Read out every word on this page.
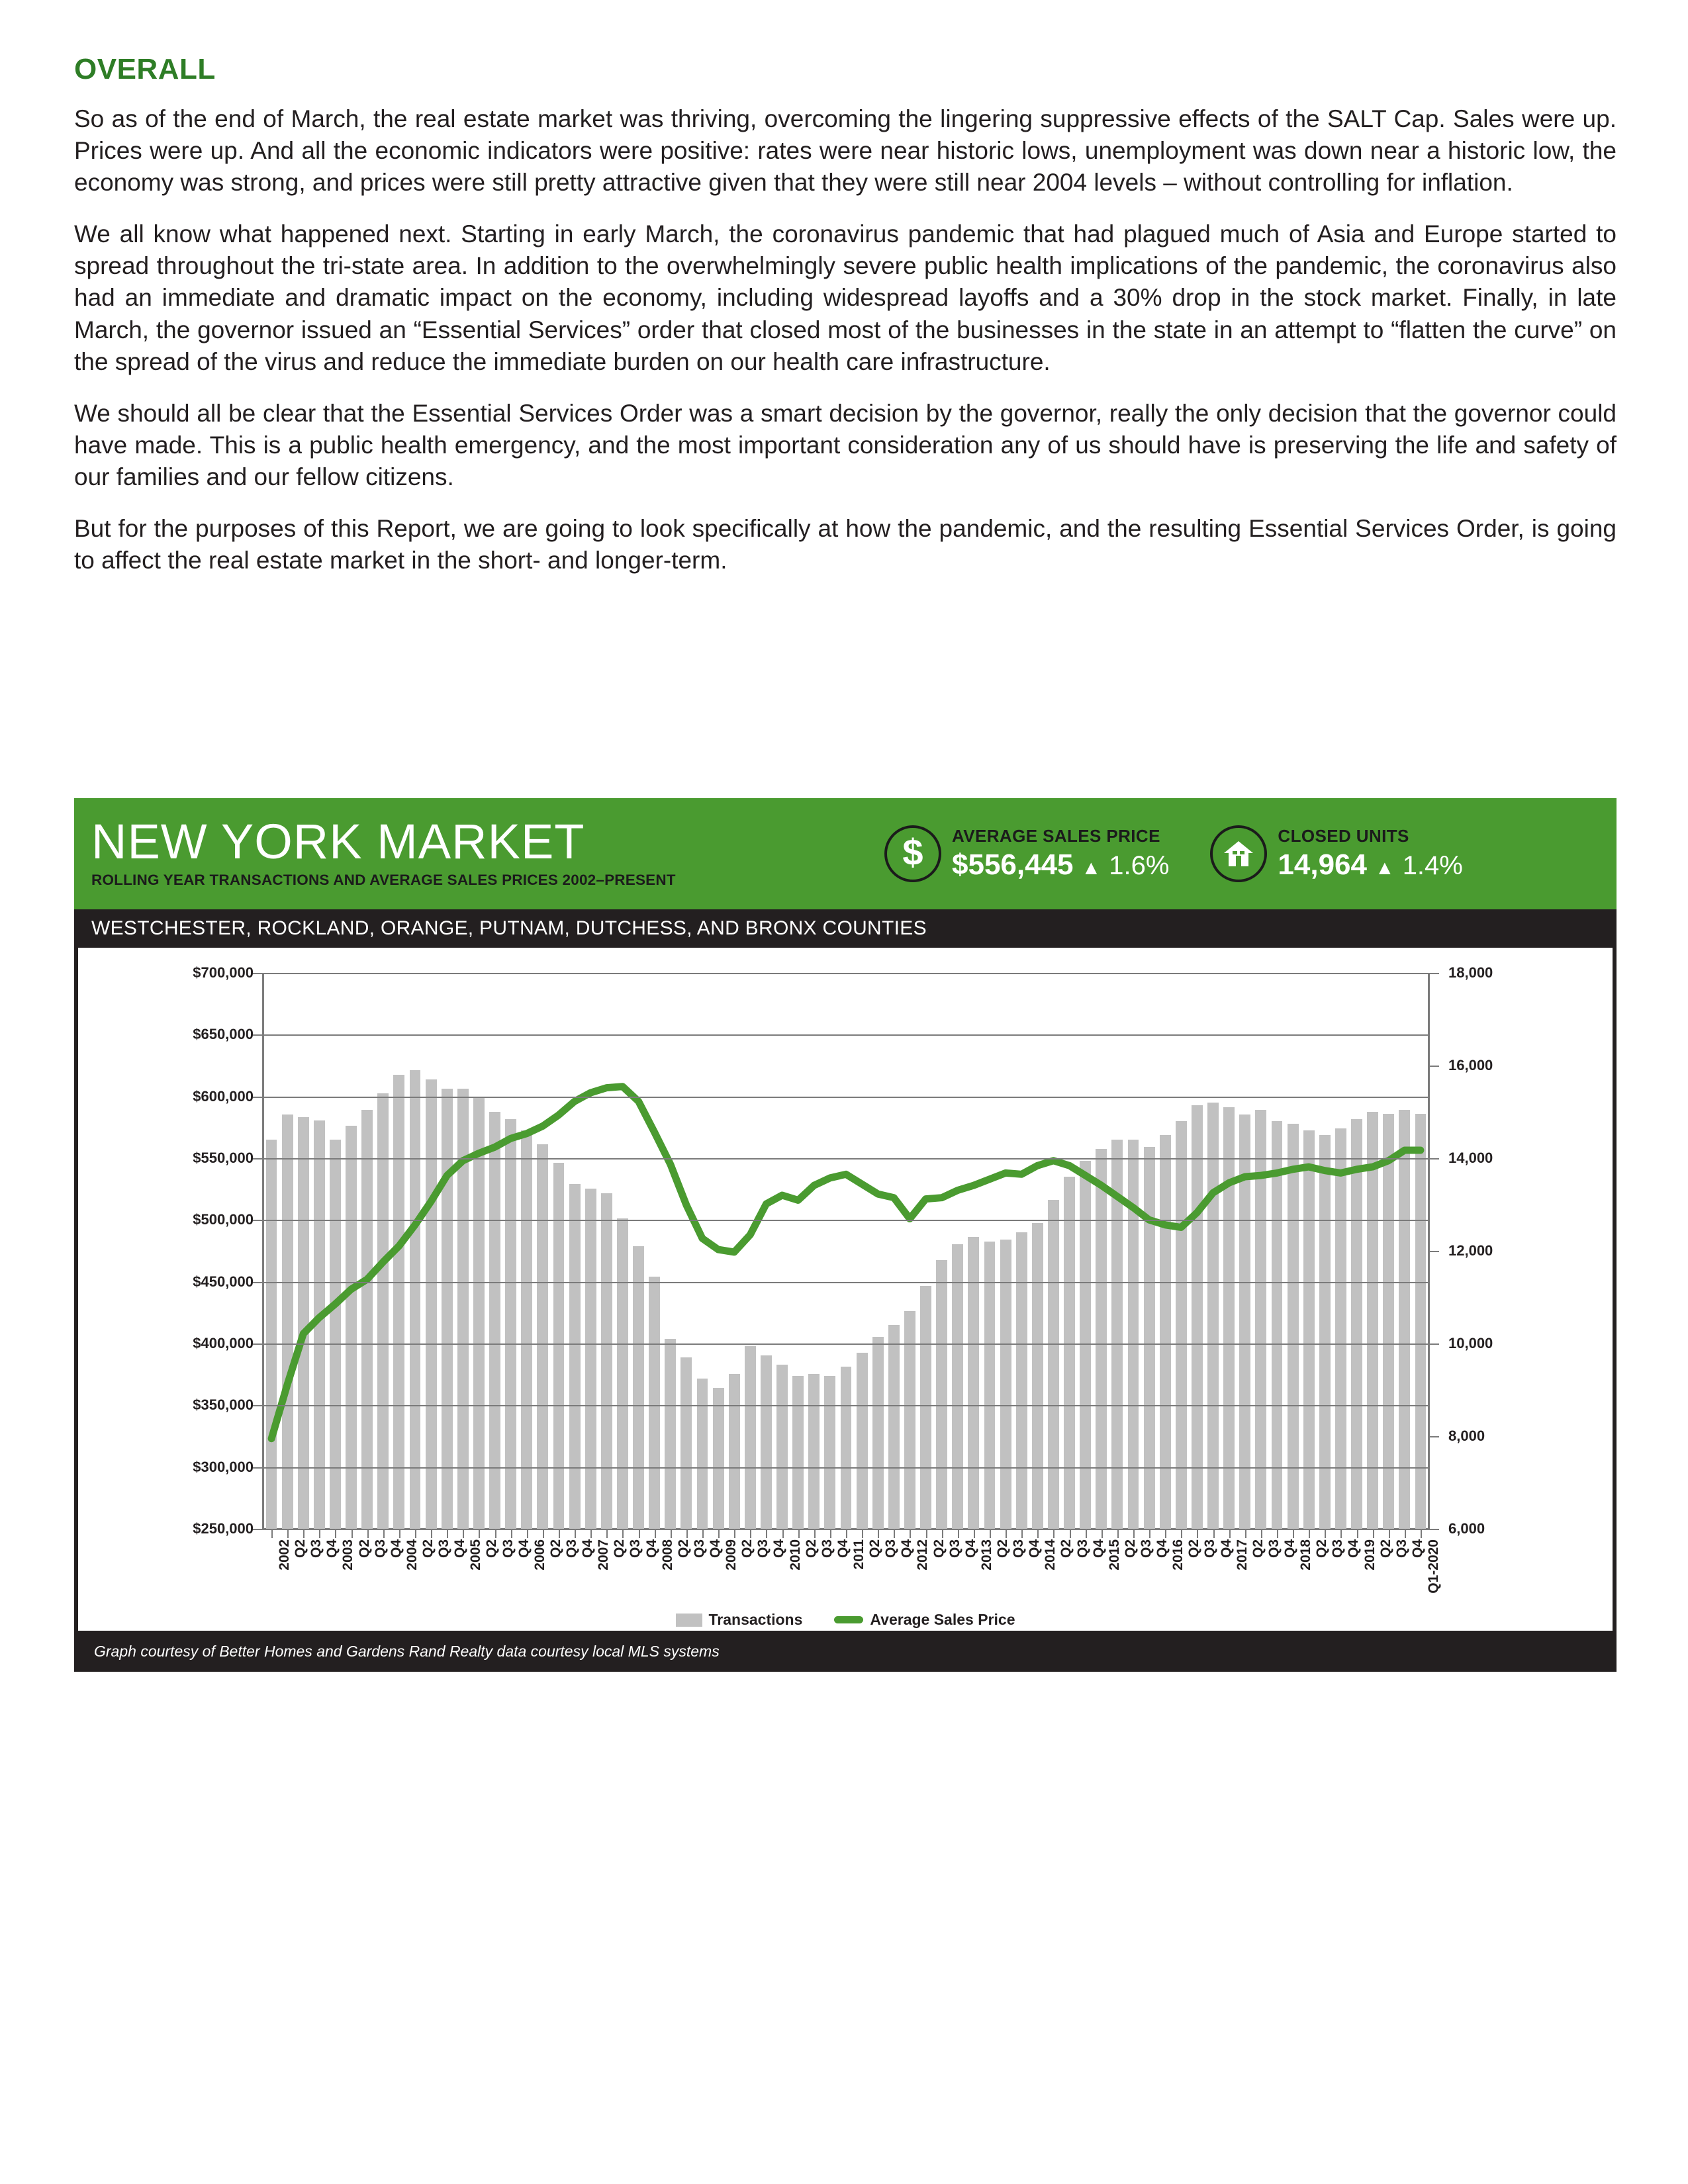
OVERALL

So as of the end of March, the real estate market was thriving, overcoming the lingering suppressive effects of the SALT Cap. Sales were up. Prices were up. And all the economic indicators were positive: rates were near historic lows, unemployment was down near a historic low, the economy was strong, and prices were still pretty attractive given that they were still near 2004 levels – without controlling for inflation.

We all know what happened next. Starting in early March, the coronavirus pandemic that had plagued much of Asia and Europe started to spread throughout the tri-state area. In addition to the overwhelmingly severe public health implications of the pandemic, the coronavirus also had an immediate and dramatic impact on the economy, including widespread layoffs and a 30% drop in the stock market. Finally, in late March, the governor issued an “Essential Services” order that closed most of the businesses in the state in an attempt to “flatten the curve” on the spread of the virus and reduce the immediate burden on our health care infrastructure.

We should all be clear that the Essential Services Order was a smart decision by the governor, really the only decision that the governor could have made. This is a public health emergency, and the most important consideration any of us should have is preserving the life and safety of our families and our fellow citizens.

But for the purposes of this Report, we are going to look specifically at how the pandemic, and the resulting Essential Services Order, is going to affect the real estate market in the short- and longer-term.

NEW YORK MARKET
ROLLING YEAR TRANSACTIONS AND AVERAGE SALES PRICES 2002–PRESENT
$ AVERAGE SALES PRICE
$556,445 ▲ 1.6%
CLOSED UNITS
14,964 ▲ 1.4%
WESTCHESTER, ROCKLAND, ORANGE, PUTNAM, DUTCHESS, AND BRONX COUNTIES
$250,000
$300,000
$350,000
$400,000
$450,000
$500,000
$550,000
$600,000
$650,000
$700,000
6,000
8,000
10,000
12,000
14,000
16,000
18,000
2002 Q2 Q3 Q4 2003 Q2 Q3 Q4 2004 Q2 Q3 Q4 2005 Q2 Q3 Q4 2006 Q2 Q3 Q4 2007 Q2 Q3 Q4 2008 Q2 Q3 Q4 2009 Q2 Q3 Q4 2010 Q2 Q3 Q4 2011 Q2 Q3 Q4 2012 Q2 Q3 Q4 2013 Q2 Q3 Q4 2014 Q2 Q3 Q4 2015 Q2 Q3 Q4 2016 Q2 Q3 Q4 2017 Q2 Q3 Q4 2018 Q2 Q3 Q4 2019 Q2 Q3 Q4 Q1-2020
Transactions	Average Sales Price
Graph courtesy of Better Homes and Gardens Rand Realty data courtesy local MLS systems
